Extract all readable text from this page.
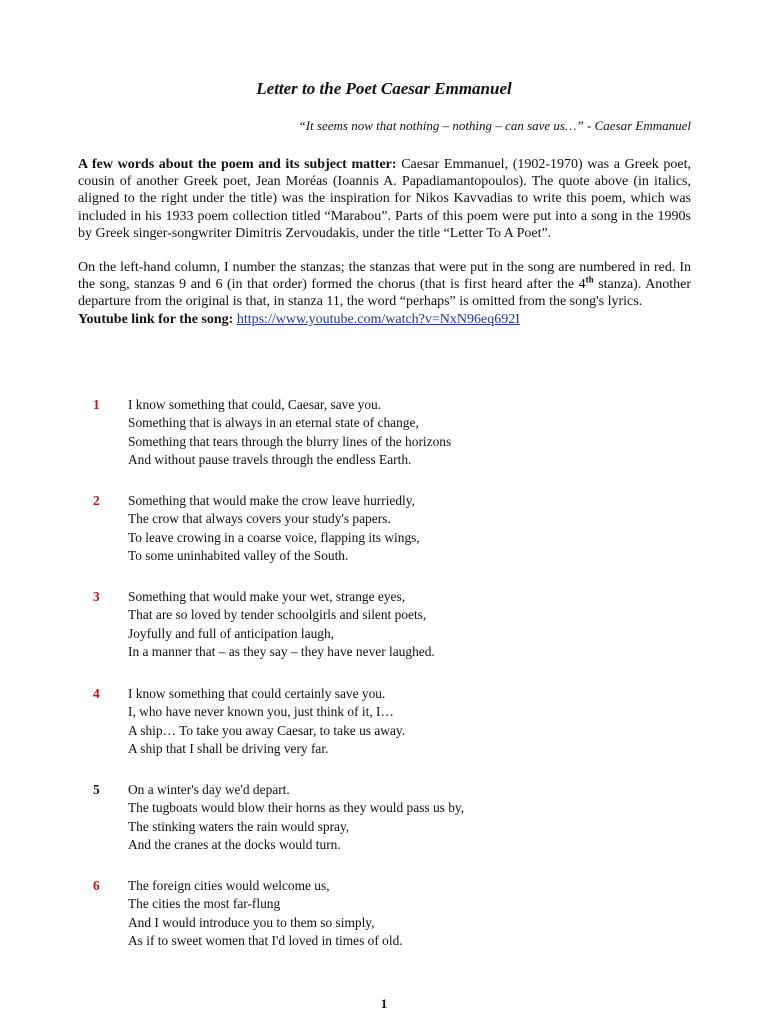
Letter to the Poet Caesar Emmanuel
“It seems now that nothing – nothing – can save us…” - Caesar Emmanuel

A few words about the poem and its subject matter: Caesar Emmanuel, (1902-1970) was a Greek poet, cousin of another Greek poet, Jean Moréas (Ioannis A. Papadiamantopoulos). The quote above (in italics, aligned to the right under the title) was the inspiration for Nikos Kavvadias to write this poem, which was included in his 1933 poem collection titled “Marabou”. Parts of this poem were put into a song in the 1990s by Greek singer-songwriter Dimitris Zervoudakis, under the title “Letter To A Poet”.

On the left-hand column, I number the stanzas; the stanzas that were put in the song are numbered in red. In the song, stanzas 9 and 6 (in that order) formed the chorus (that is first heard after the 4th stanza). Another departure from the original is that, in stanza 11, the word “perhaps” is omitted from the song's lyrics.

Youtube link for the song: https://www.youtube.com/watch?v=NxN96eq692I

1	I know something that could, Caesar, save you.
Something that is always in an eternal state of change,
Something that tears through the blurry lines of the horizons
And without pause travels through the endless Earth.
2	Something that would make the crow leave hurriedly,
The crow that always covers your study's papers.
To leave crowing in a coarse voice, flapping its wings,
To some uninhabited valley of the South.
3	Something that would make your wet, strange eyes,
That are so loved by tender schoolgirls and silent poets,
Joyfully and full of anticipation laugh,
In a manner that – as they say – they have never laughed.
4	I know something that could certainly save you.
I, who have never known you, just think of it, I…
A ship… To take you away Caesar, to take us away.
A ship that I shall be driving very far.
5	On a winter's day we'd depart.
The tugboats would blow their horns as they would pass us by,
The stinking waters the rain would spray,
And the cranes at the docks would turn.
6	The foreign cities would welcome us,
The cities the most far-flung
And I would introduce you to them so simply,
As if to sweet women that I'd loved in times of old.
1
